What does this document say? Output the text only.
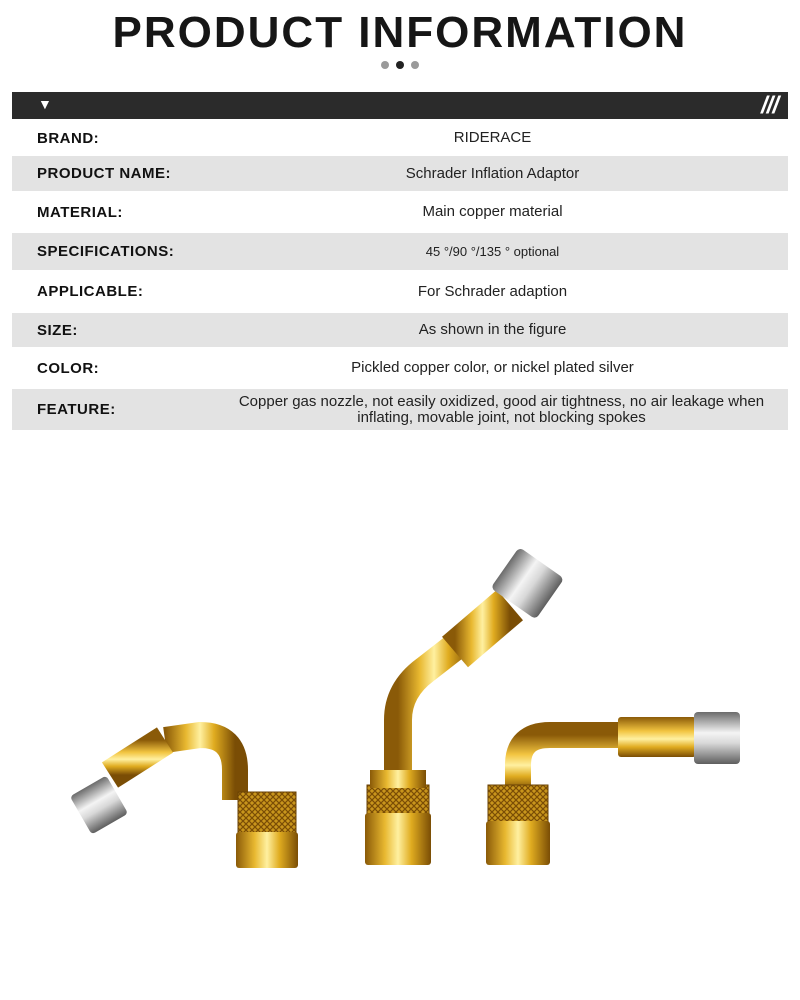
PRODUCT INFORMATION
▼	///
BRAND:	RIDERACE
PRODUCT NAME:	Schrader Inflation Adaptor
MATERIAL:	Main copper material
SPECIFICATIONS:	45 °/90 °/135 ° optional
APPLICABLE:	For Schrader adaption
SIZE:	As shown in the figure
COLOR:	Pickled copper color, or nickel plated silver
FEATURE:	Copper gas nozzle, not easily oxidized, good air tightness, no air leakage when inflating, movable joint, not blocking spokes
